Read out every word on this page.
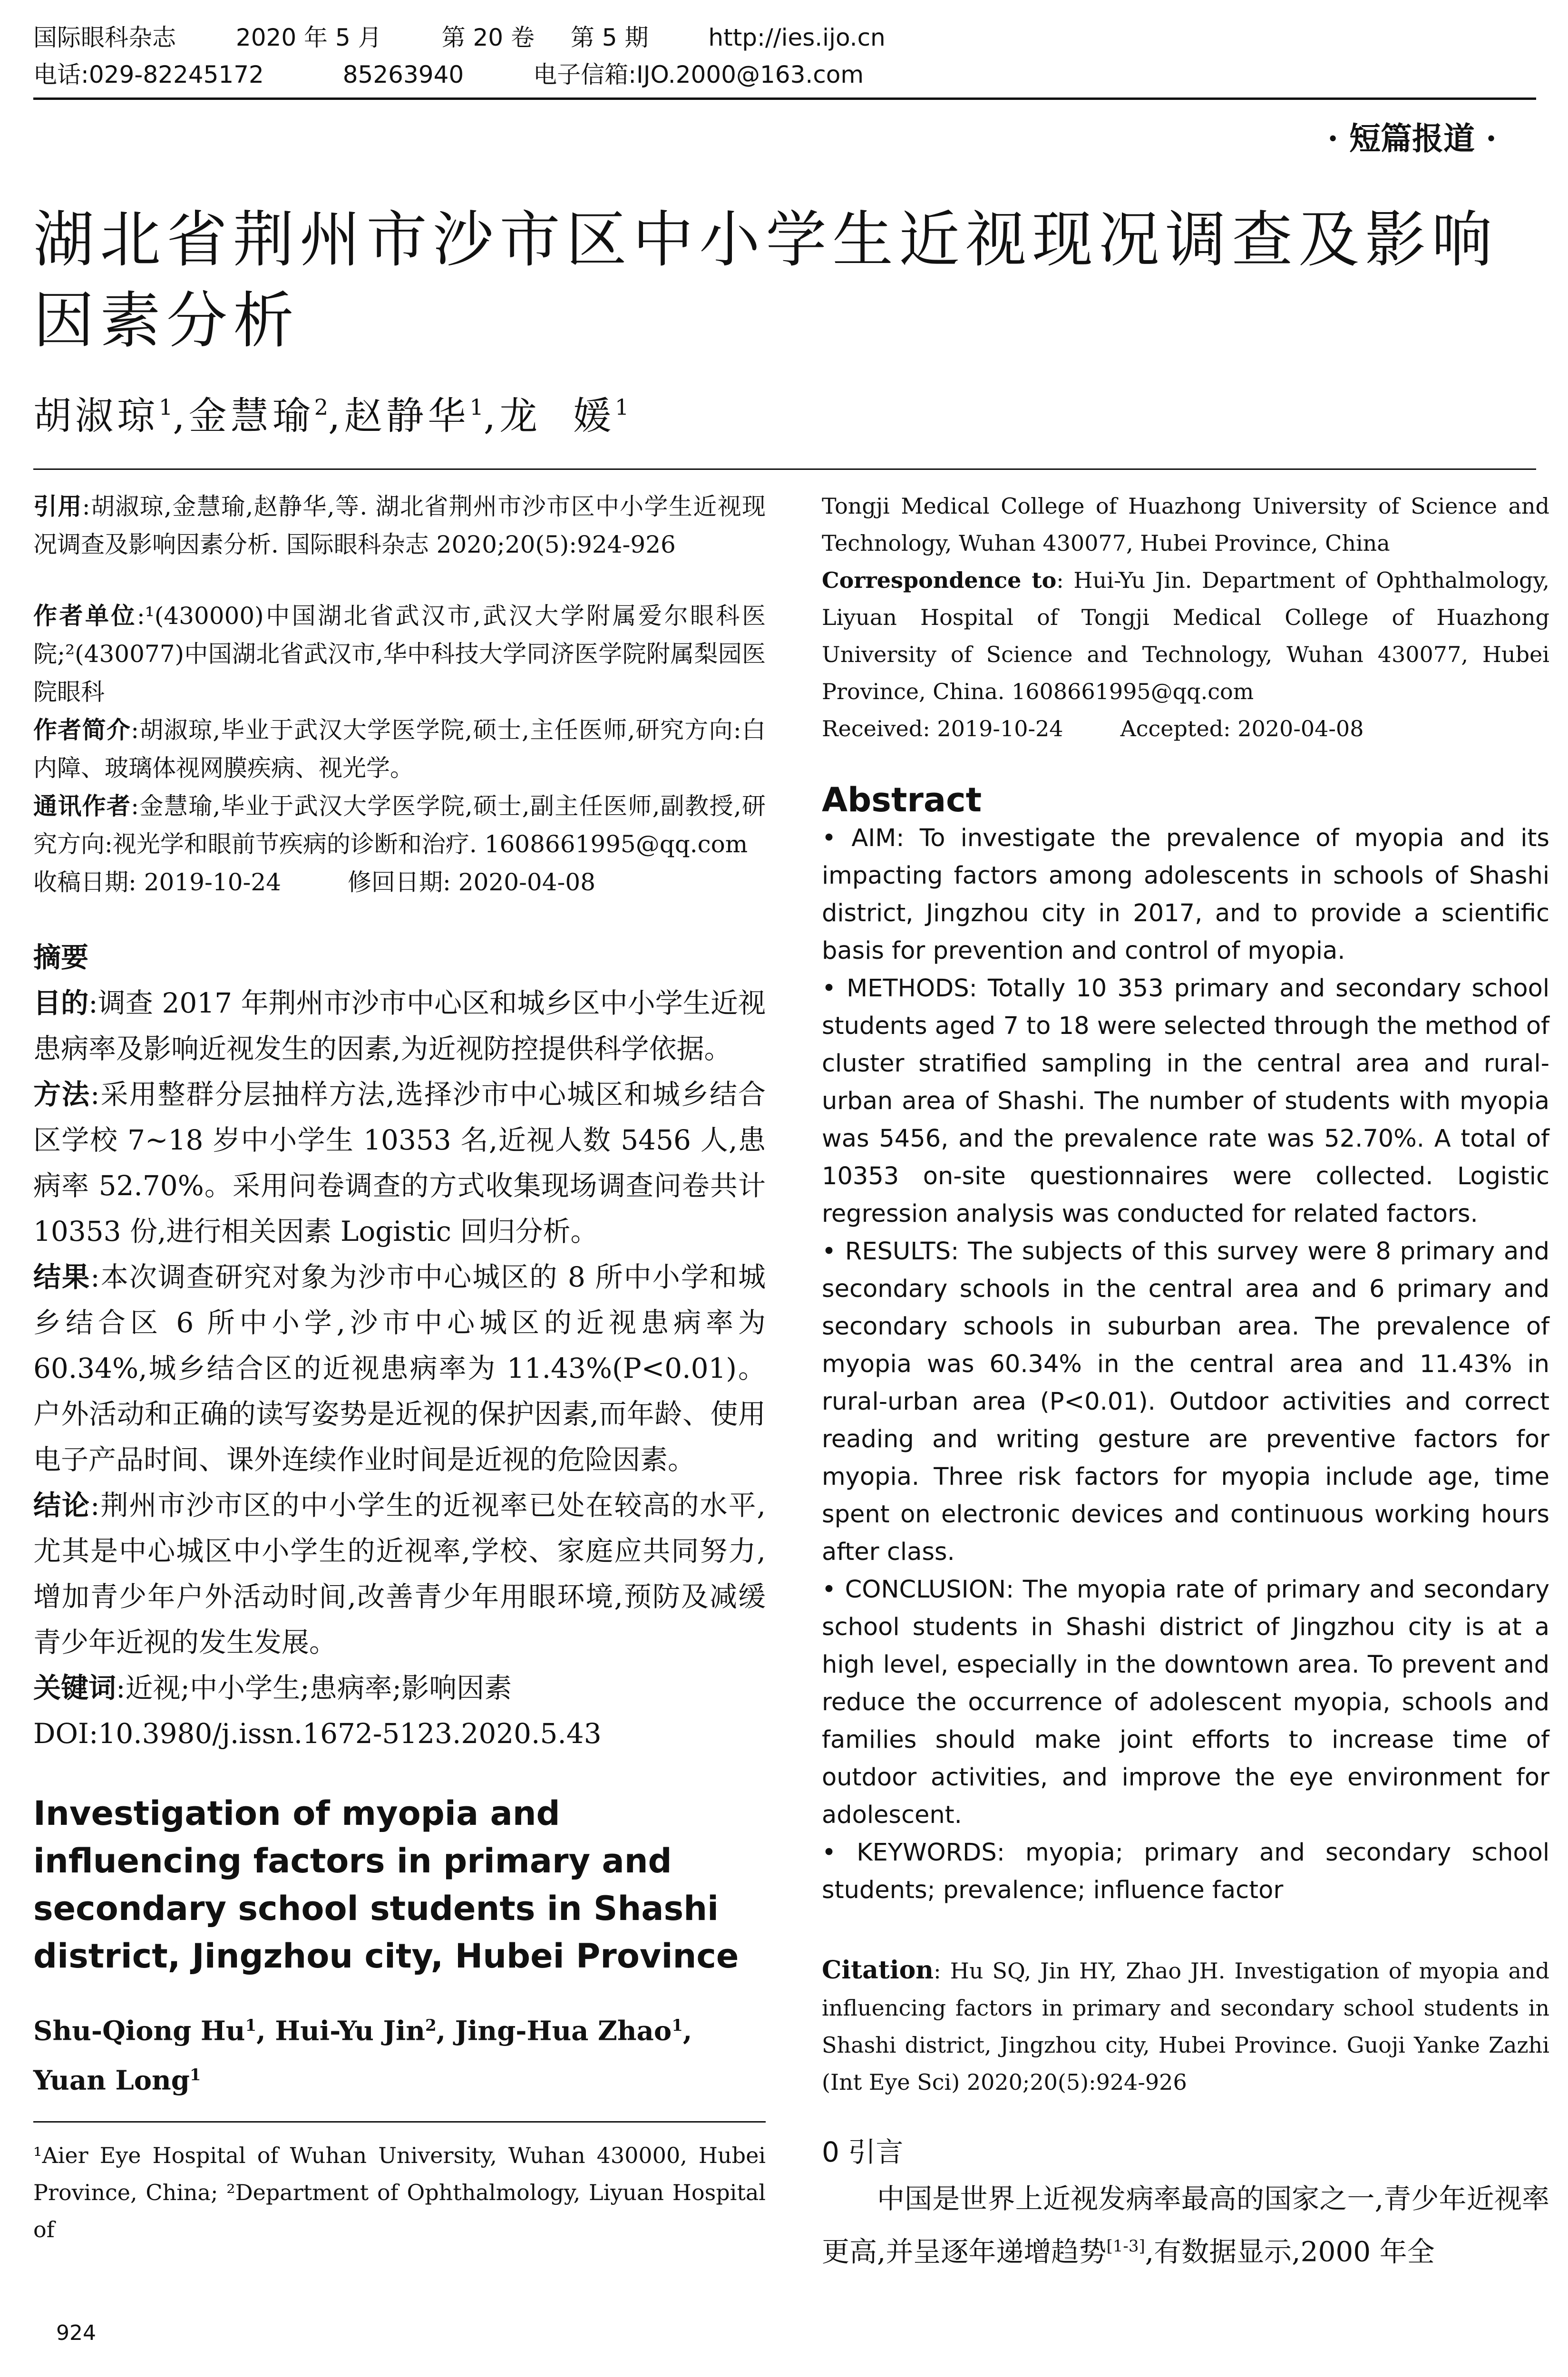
国际眼科杂志	2020 年 5 月	第 20 卷 第 5 期	http://ies.ijo.cn
电话:029-82245172	85263940	电子信箱:IJO.2000@163.com
· 短篇报道 ·
湖北省荆州市沙市区中小学生近视现况调查及影响因素分析
胡淑琼$^1$,金慧瑜$^2$,赵静华$^1$,龙  媛$^1$

引用:胡淑琼,金慧瑜,赵静华,等. 湖北省荆州市沙市区中小学生近视现况调查及影响因素分析. 国际眼科杂志 2020;20(5):924-926

作者单位:¹(430000)中国湖北省武汉市,武汉大学附属爱尔眼科医院;²(430077)中国湖北省武汉市,华中科技大学同济医学院附属梨园医院眼科

作者简介:胡淑琼,毕业于武汉大学医学院,硕士,主任医师,研究方向:白内障、玻璃体视网膜疾病、视光学。

通讯作者:金慧瑜,毕业于武汉大学医学院,硕士,副主任医师,副教授,研究方向:视光学和眼前节疾病的诊断和治疗. 1608661995@qq.com

收稿日期: 2019-10-24	修回日期: 2020-04-08

摘要

目的:调查 2017 年荆州市沙市中心区和城乡区中小学生近视患病率及影响近视发生的因素,为近视防控提供科学依据。

方法:采用整群分层抽样方法,选择沙市中心城区和城乡结合区学校 7~18 岁中小学生 10353 名,近视人数 5456 人,患病率 52.70%。采用问卷调查的方式收集现场调查问卷共计 10353 份,进行相关因素 Logistic 回归分析。

结果:本次调查研究对象为沙市中心城区的 8 所中小学和城乡结合区 6 所中小学,沙市中心城区的近视患病率为 60.34%,城乡结合区的近视患病率为 11.43%(P<0.01)。户外活动和正确的读写姿势是近视的保护因素,而年龄、使用电子产品时间、课外连续作业时间是近视的危险因素。

结论:荆州市沙市区的中小学生的近视率已处在较高的水平,尤其是中心城区中小学生的近视率,学校、家庭应共同努力,增加青少年户外活动时间,改善青少年用眼环境,预防及减缓青少年近视的发生发展。

关键词:近视;中小学生;患病率;影响因素

DOI:10.3980/j.issn.1672-5123.2020.5.43

Investigation of myopia and influencing factors in primary and secondary school students in Shashi district, Jingzhou city, Hubei Province

Shu-Qiong Hu$^1$, Hui-Yu Jin$^2$, Jing-Hua Zhao$^1$, Yuan Long$^1$

¹Aier Eye Hospital of Wuhan University, Wuhan 430000, Hubei Province, China; ²Department of Ophthalmology, Liyuan Hospital of

Tongji Medical College of Huazhong University of Science and Technology, Wuhan 430077, Hubei Province, China

Correspondence to: Hui-Yu Jin. Department of Ophthalmology, Liyuan Hospital of Tongji Medical College of Huazhong University of Science and Technology, Wuhan 430077, Hubei Province, China. 1608661995@qq.com

Received: 2019-10-24	Accepted: 2020-04-08

Abstract

• AIM: To investigate the prevalence of myopia and its impacting factors among adolescents in schools of Shashi district, Jingzhou city in 2017, and to provide a scientific basis for prevention and control of myopia.

• METHODS: Totally 10 353 primary and secondary school students aged 7 to 18 were selected through the method of cluster stratified sampling in the central area and rural-urban area of Shashi. The number of students with myopia was 5456, and the prevalence rate was 52.70%. A total of 10353 on-site questionnaires were collected. Logistic regression analysis was conducted for related factors.

• RESULTS: The subjects of this survey were 8 primary and secondary schools in the central area and 6 primary and secondary schools in suburban area. The prevalence of myopia was 60.34% in the central area and 11.43% in rural-urban area (P<0.01). Outdoor activities and correct reading and writing gesture are preventive factors for myopia. Three risk factors for myopia include age, time spent on electronic devices and continuous working hours after class.

• CONCLUSION: The myopia rate of primary and secondary school students in Shashi district of Jingzhou city is at a high level, especially in the downtown area. To prevent and reduce the occurrence of adolescent myopia, schools and families should make joint efforts to increase time of outdoor activities, and improve the eye environment for adolescent.

• KEYWORDS: myopia; primary and secondary school students; prevalence; influence factor

Citation: Hu SQ, Jin HY, Zhao JH. Investigation of myopia and influencing factors in primary and secondary school students in Shashi district, Jingzhou city, Hubei Province. Guoji Yanke Zazhi (Int Eye Sci) 2020;20(5):924-926

0 引言

中国是世界上近视发病率最高的国家之一,青少年近视率更高,并呈逐年递增趋势[1-3],有数据显示,2000 年全

924
